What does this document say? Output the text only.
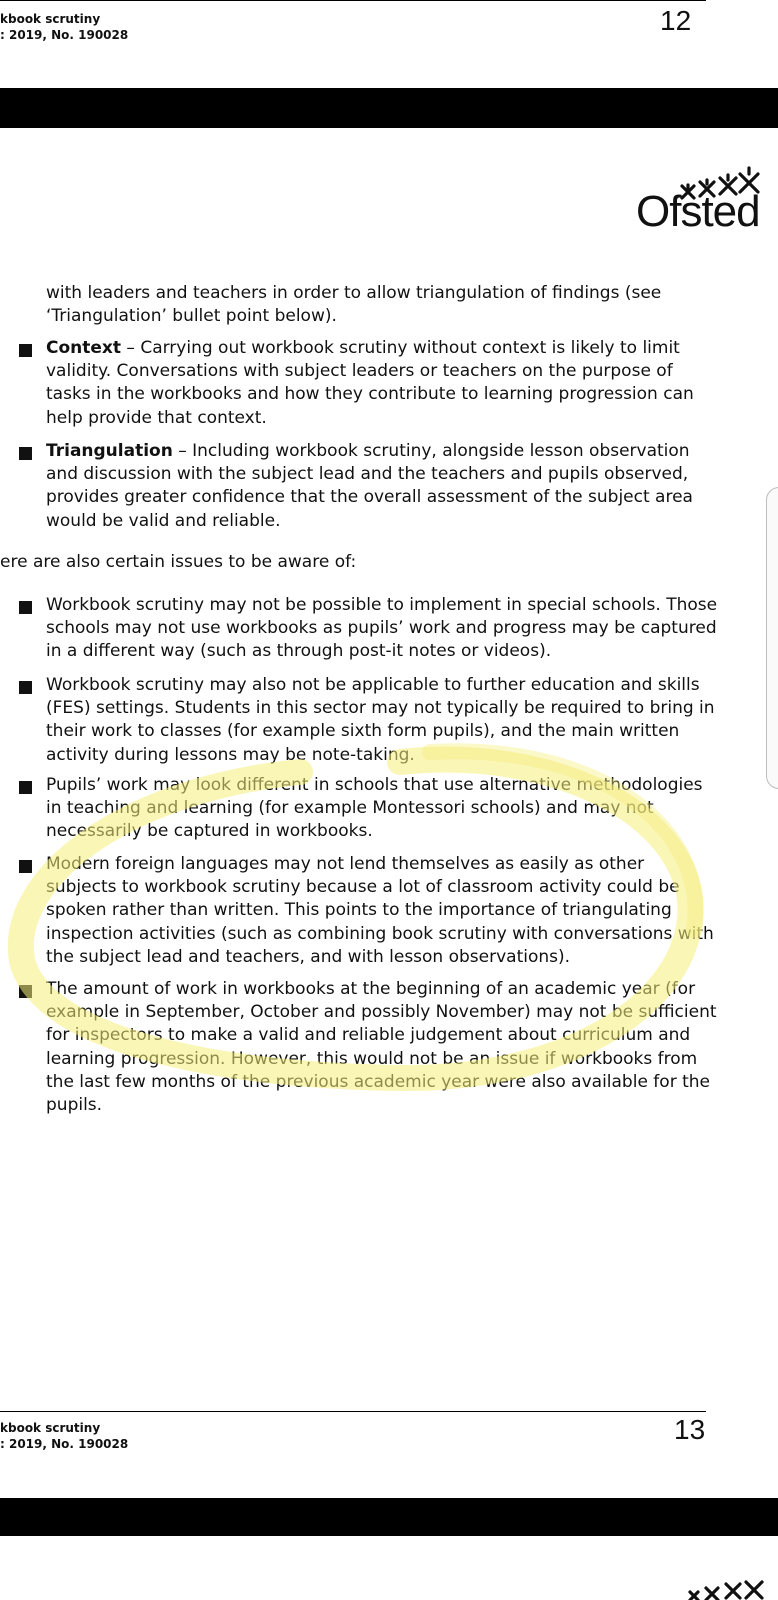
kbook scrutiny
: 2019, No. 190028	12
Ofsted
with leaders and teachers in order to allow triangulation of findings (see
‘Triangulation’ bullet point below).
Context – Carrying out workbook scrutiny without context is likely to limit validity. Conversations with subject leaders or teachers on the purpose of tasks in the workbooks and how they contribute to learning progression can help provide that context.
Triangulation – Including workbook scrutiny, alongside lesson observation and discussion with the subject lead and the teachers and pupils observed, provides greater confidence that the overall assessment of the subject area would be valid and reliable.
ere are also certain issues to be aware of:
Workbook scrutiny may not be possible to implement in special schools. Those schools may not use workbooks as pupils’ work and progress may be captured in a different way (such as through post-it notes or videos).
Workbook scrutiny may also not be applicable to further education and skills (FES) settings. Students in this sector may not typically be required to bring in their work to classes (for example sixth form pupils), and the main written activity during lessons may be note-taking.
Pupils’ work may look different in schools that use alternative methodologies in teaching and learning (for example Montessori schools) and may not necessarily be captured in workbooks.
Modern foreign languages may not lend themselves as easily as other subjects to workbook scrutiny because a lot of classroom activity could be spoken rather than written. This points to the importance of triangulating inspection activities (such as combining book scrutiny with conversations with the subject lead and teachers, and with lesson observations).
The amount of work in workbooks at the beginning of an academic year (for example in September, October and possibly November) may not be sufficient for inspectors to make a valid and reliable judgement about curriculum and learning progression. However, this would not be an issue if workbooks from the last few months of the previous academic year were also available for the pupils.
kbook scrutiny
: 2019, No. 190028	13
